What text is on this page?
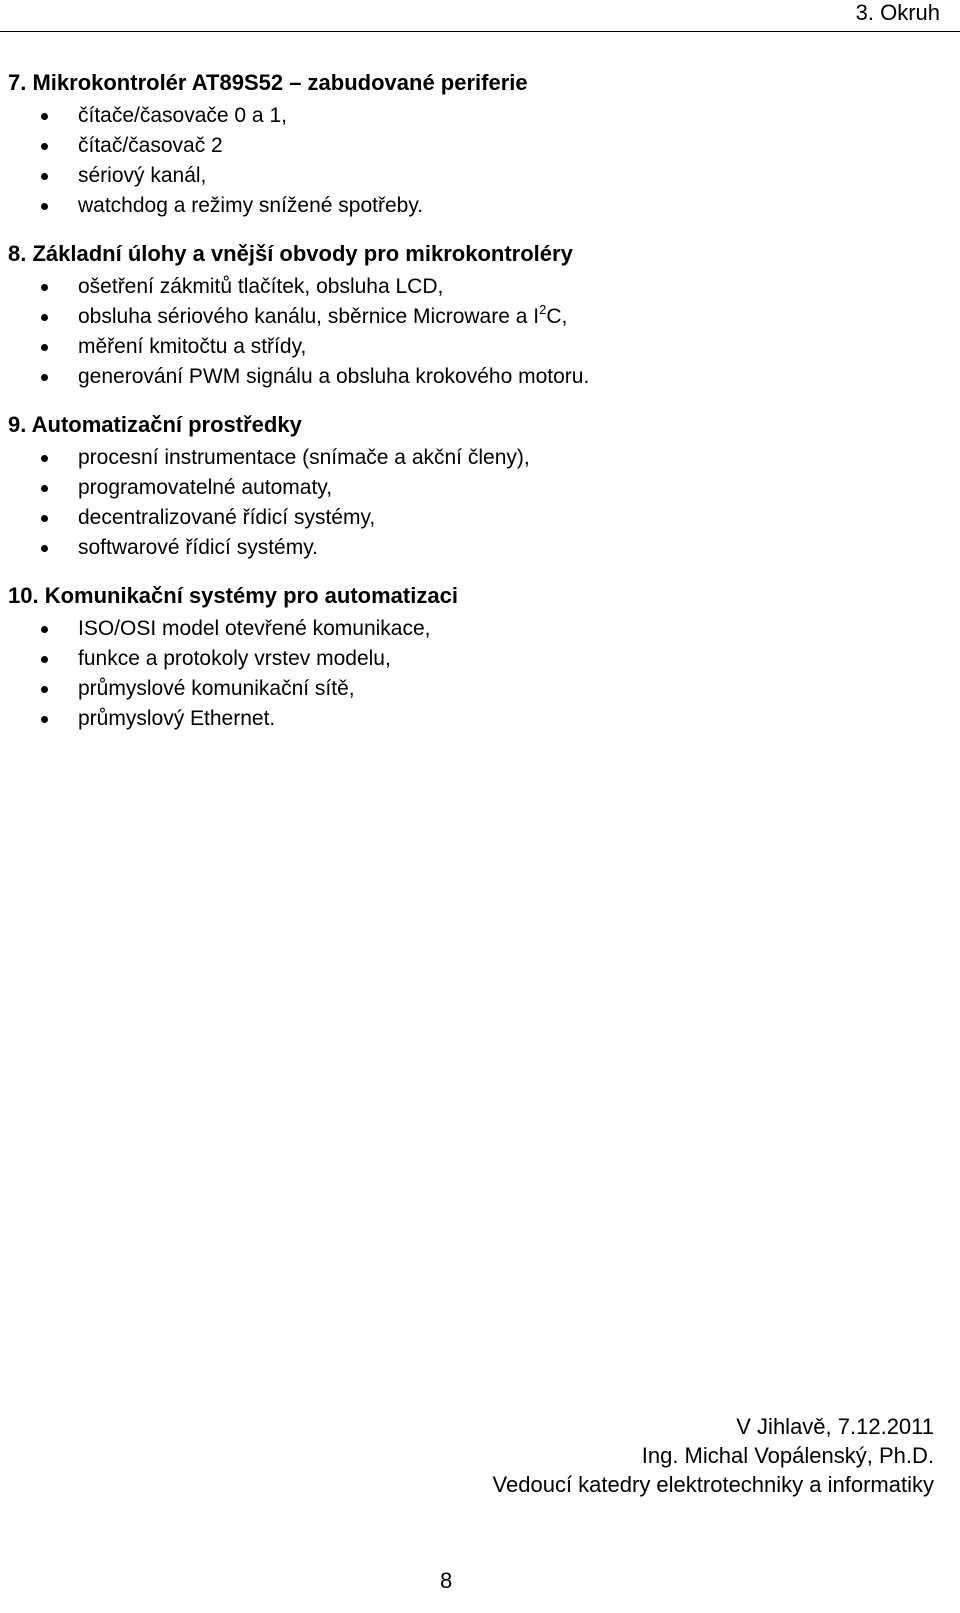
3. Okruh
7. Mikrokontrolér AT89S52 – zabudované periferie
čítače/časovače 0 a 1,
čítač/časovač 2
sériový kanál,
watchdog a režimy snížené spotřeby.
8. Základní úlohy a vnější obvody pro mikrokontroléry
ošetření zákmitů tlačítek, obsluha LCD,
obsluha sériového kanálu, sběrnice Microware a $I^2C$,
měření kmitočtu a střídy,
generování PWM signálu a obsluha krokového motoru.
9. Automatizační prostředky
procesní instrumentace (snímače a akční členy),
programovatelné automaty,
decentralizované řídicí systémy,
softwarové řídicí systémy.
10. Komunikační systémy pro automatizaci
ISO/OSI model otevřené komunikace,
funkce a protokoly vrstev modelu,
průmyslové komunikační sítě,
průmyslový Ethernet.
V Jihlavě, 7.12.2011
Ing. Michal Vopálenský, Ph.D.
Vedoucí katedry elektrotechniky a informatiky
8
